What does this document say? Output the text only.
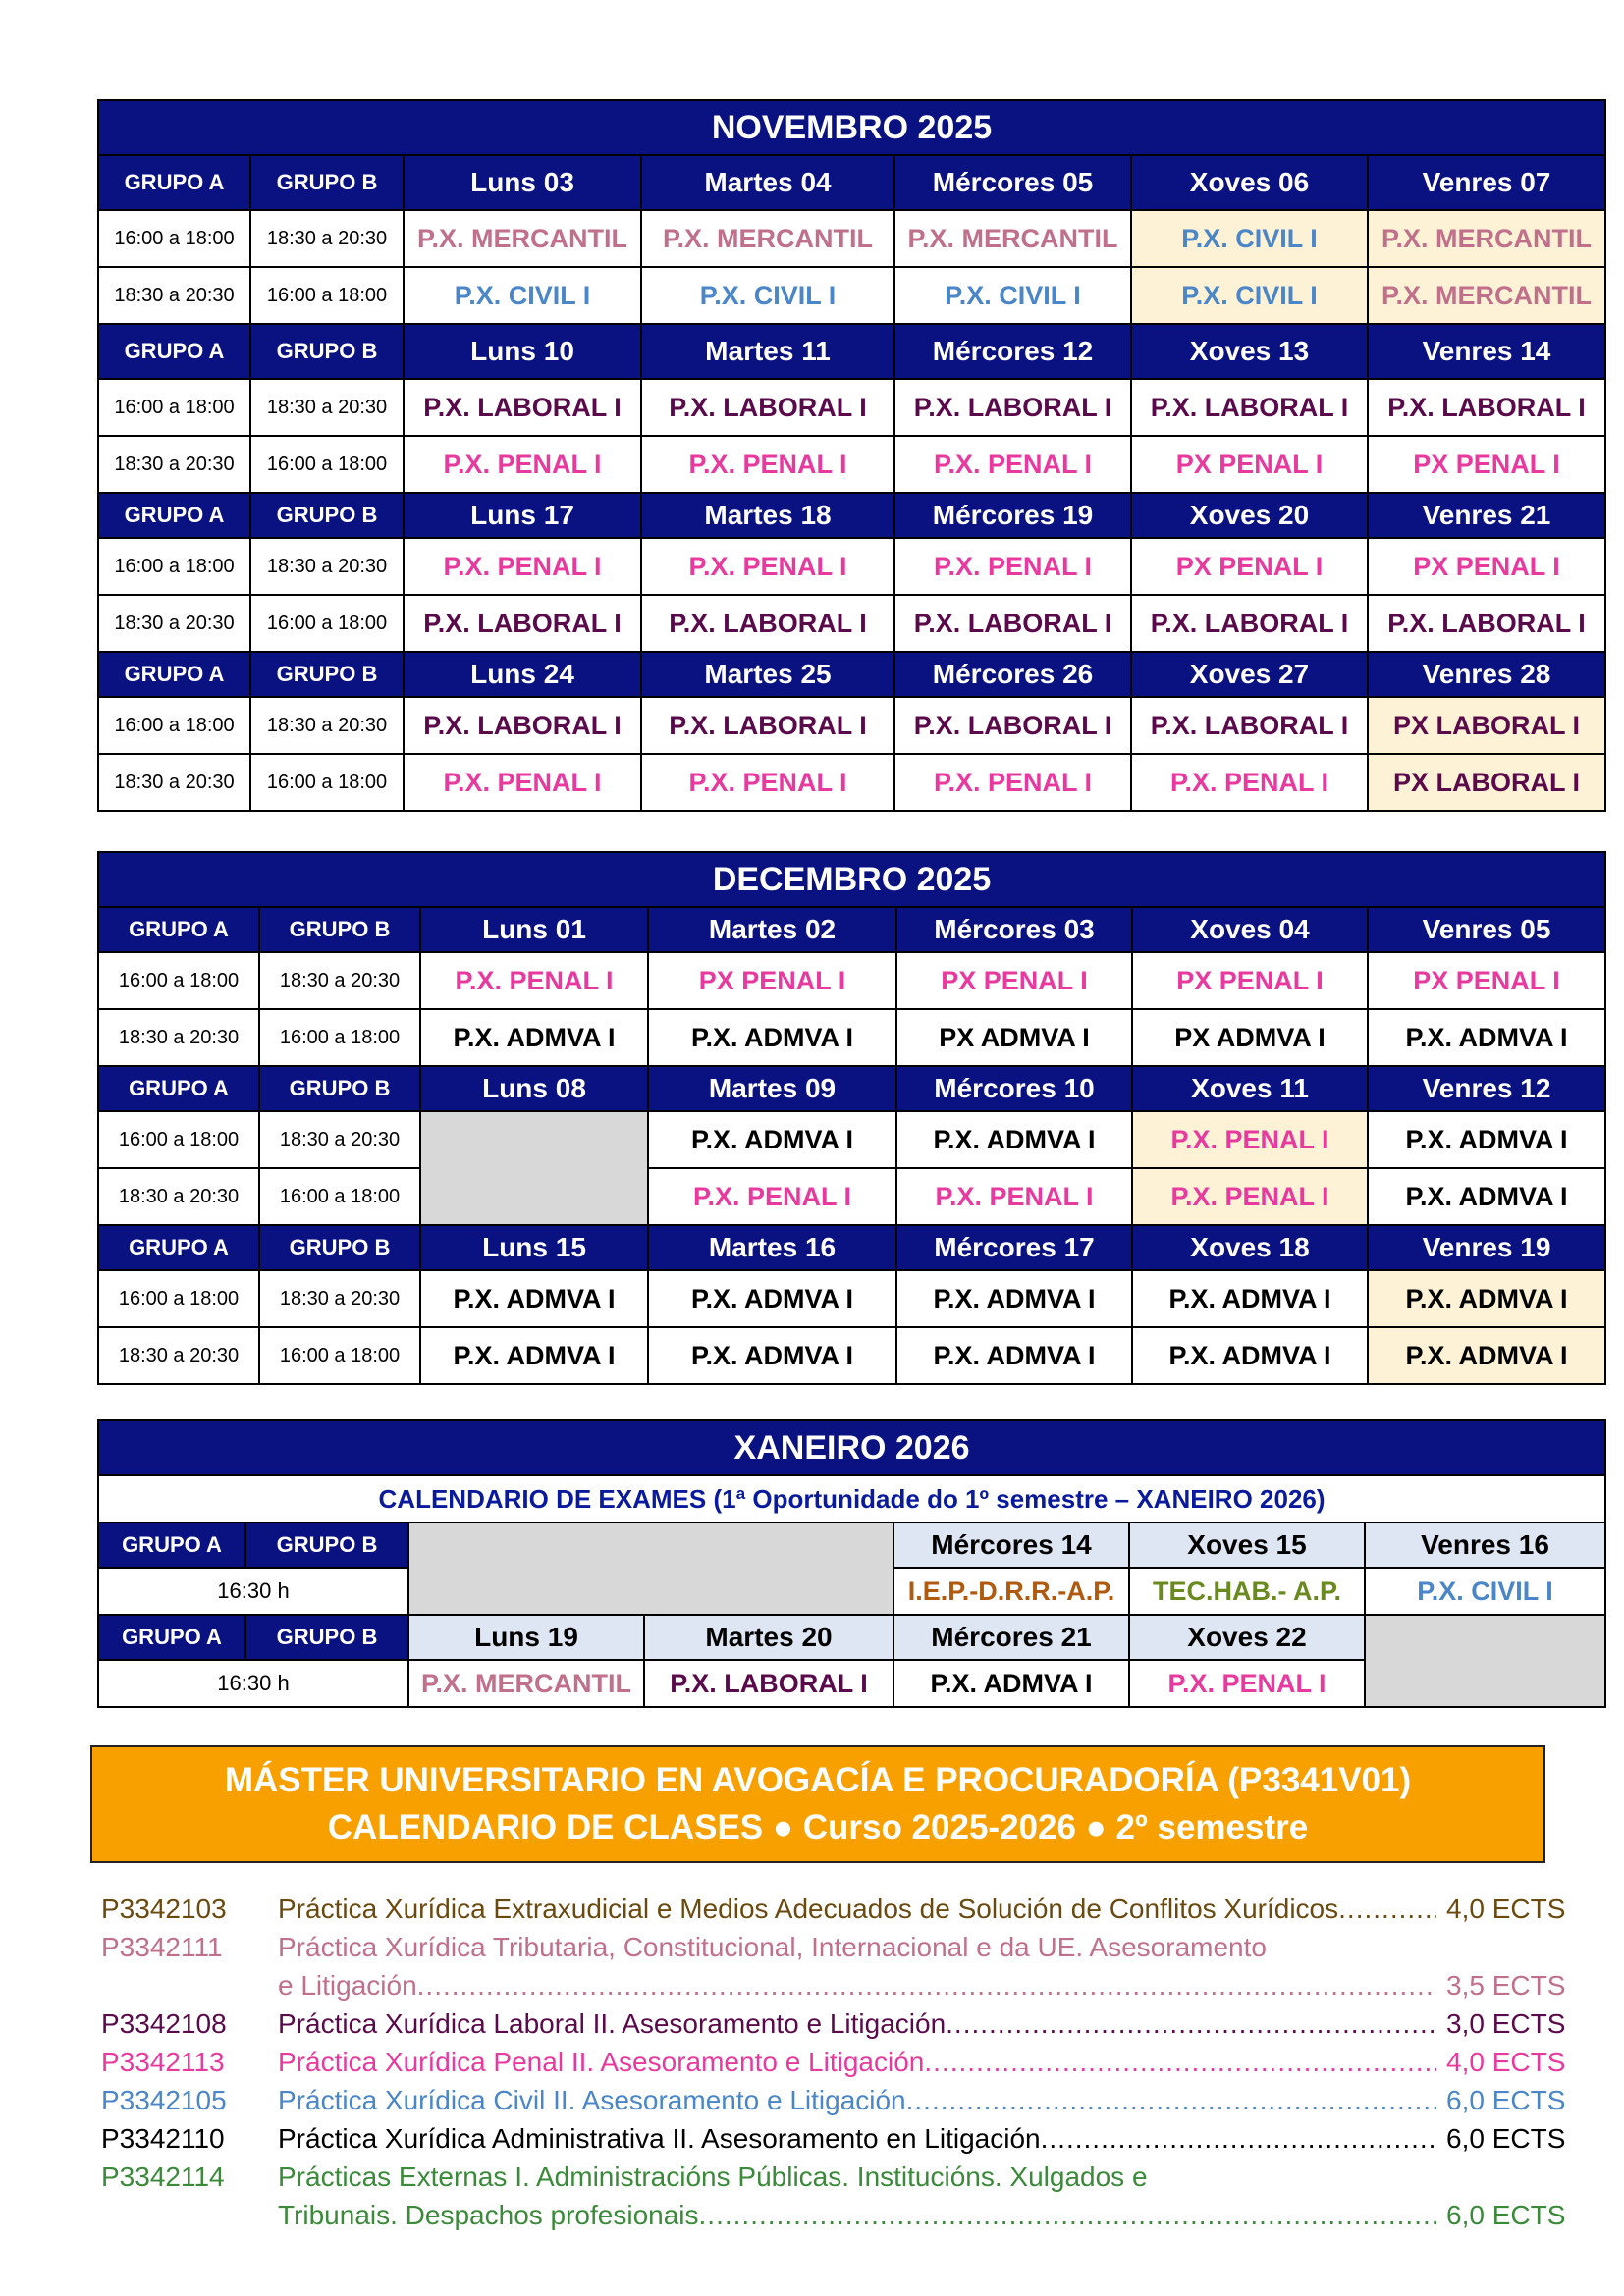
NOVEMBRO 2025						
GRUPO A	GRUPO B	Luns 03	Martes 04	Mércores 05	Xoves 06	Venres 07
16:00 a 18:00	18:30 a 20:30	P.X. MERCANTIL	P.X. MERCANTIL	P.X. MERCANTIL	P.X. CIVIL I	P.X. MERCANTIL
18:30 a 20:30	16:00 a 18:00	P.X. CIVIL I	P.X. CIVIL I	P.X. CIVIL I	P.X. CIVIL I	P.X. MERCANTIL
GRUPO A	GRUPO B	Luns 10	Martes 11	Mércores 12	Xoves 13	Venres 14
16:00 a 18:00	18:30 a 20:30	P.X. LABORAL I	P.X. LABORAL I	P.X. LABORAL I	P.X. LABORAL I	P.X. LABORAL I
18:30 a 20:30	16:00 a 18:00	P.X. PENAL I	P.X. PENAL I	P.X. PENAL I	PX PENAL I	PX PENAL I
GRUPO A	GRUPO B	Luns 17	Martes 18	Mércores 19	Xoves 20	Venres 21
16:00 a 18:00	18:30 a 20:30	P.X. PENAL I	P.X. PENAL I	P.X. PENAL I	PX PENAL I	PX PENAL I
18:30 a 20:30	16:00 a 18:00	P.X. LABORAL I	P.X. LABORAL I	P.X. LABORAL I	P.X. LABORAL I	P.X. LABORAL I
GRUPO A	GRUPO B	Luns 24	Martes 25	Mércores 26	Xoves 27	Venres 28
16:00 a 18:00	18:30 a 20:30	P.X. LABORAL I	P.X. LABORAL I	P.X. LABORAL I	P.X. LABORAL I	PX LABORAL I
18:30 a 20:30	16:00 a 18:00	P.X. PENAL I	P.X. PENAL I	P.X. PENAL I	P.X. PENAL I	PX LABORAL I
DECEMBRO 2025						
GRUPO A	GRUPO B	Luns 01	Martes 02	Mércores 03	Xoves 04	Venres 05
16:00 a 18:00	18:30 a 20:30	P.X. PENAL I	PX PENAL I	PX PENAL I	PX PENAL I	PX PENAL I
18:30 a 20:30	16:00 a 18:00	P.X. ADMVA I	P.X. ADMVA I	PX ADMVA I	PX ADMVA I	P.X. ADMVA I
GRUPO A	GRUPO B	Luns 08	Martes 09	Mércores 10	Xoves 11	Venres 12
16:00 a 18:00	18:30 a 20:30		P.X. ADMVA I	P.X. ADMVA I	P.X. PENAL I	P.X. ADMVA I
18:30 a 20:30	16:00 a 18:00		P.X. PENAL I	P.X. PENAL I	P.X. PENAL I	P.X. ADMVA I
GRUPO A	GRUPO B	Luns 15	Martes 16	Mércores 17	Xoves 18	Venres 19
16:00 a 18:00	18:30 a 20:30	P.X. ADMVA I	P.X. ADMVA I	P.X. ADMVA I	P.X. ADMVA I	P.X. ADMVA I
18:30 a 20:30	16:00 a 18:00	P.X. ADMVA I	P.X. ADMVA I	P.X. ADMVA I	P.X. ADMVA I	P.X. ADMVA I
XANEIRO 2026						
CALENDARIO DE EXAMES (1ª Oportunidade do 1º semestre – XANEIRO 2026)						
GRUPO A	GRUPO B			Mércores 14	Xoves 15	Venres 16
16:30 h				I.E.P.-D.R.R.-A.P.	TEC.HAB.- A.P.	P.X. CIVIL I
GRUPO A	GRUPO B	Luns 19	Martes 20	Mércores 21	Xoves 22	
16:30 h		P.X. MERCANTIL	P.X. LABORAL I	P.X. ADMVA I	P.X. PENAL I	
MÁSTER UNIVERSITARIO EN AVOGACÍA E PROCURADORÍA (P3341V01)
CALENDARIO DE CLASES ● Curso 2025-2026 ● 2º semestre
P3342103 Práctica Xurídica Extraxudicial e Medios Adecuados de Solución de Conflitos Xurídicos .....	4,0 ECTS
P3342111 Práctica Xurídica Tributaria, Constitucional, Internacional e da UE. Asesoramento
e Litigación .....	3,5 ECTS
P3342108 Práctica Xurídica Laboral II. Asesoramento e Litigación .....	3,0 ECTS
P3342113 Práctica Xurídica Penal II. Asesoramento e Litigación .....	4,0 ECTS
P3342105 Práctica Xurídica Civil II. Asesoramento e Litigación .....	6,0 ECTS
P3342110 Práctica Xurídica Administrativa II. Asesoramento en Litigación .....	6,0 ECTS
P3342114 Prácticas Externas I. Administracións Públicas. Institucións. Xulgados e
Tribunais. Despachos profesionais .....	6,0 ECTS
